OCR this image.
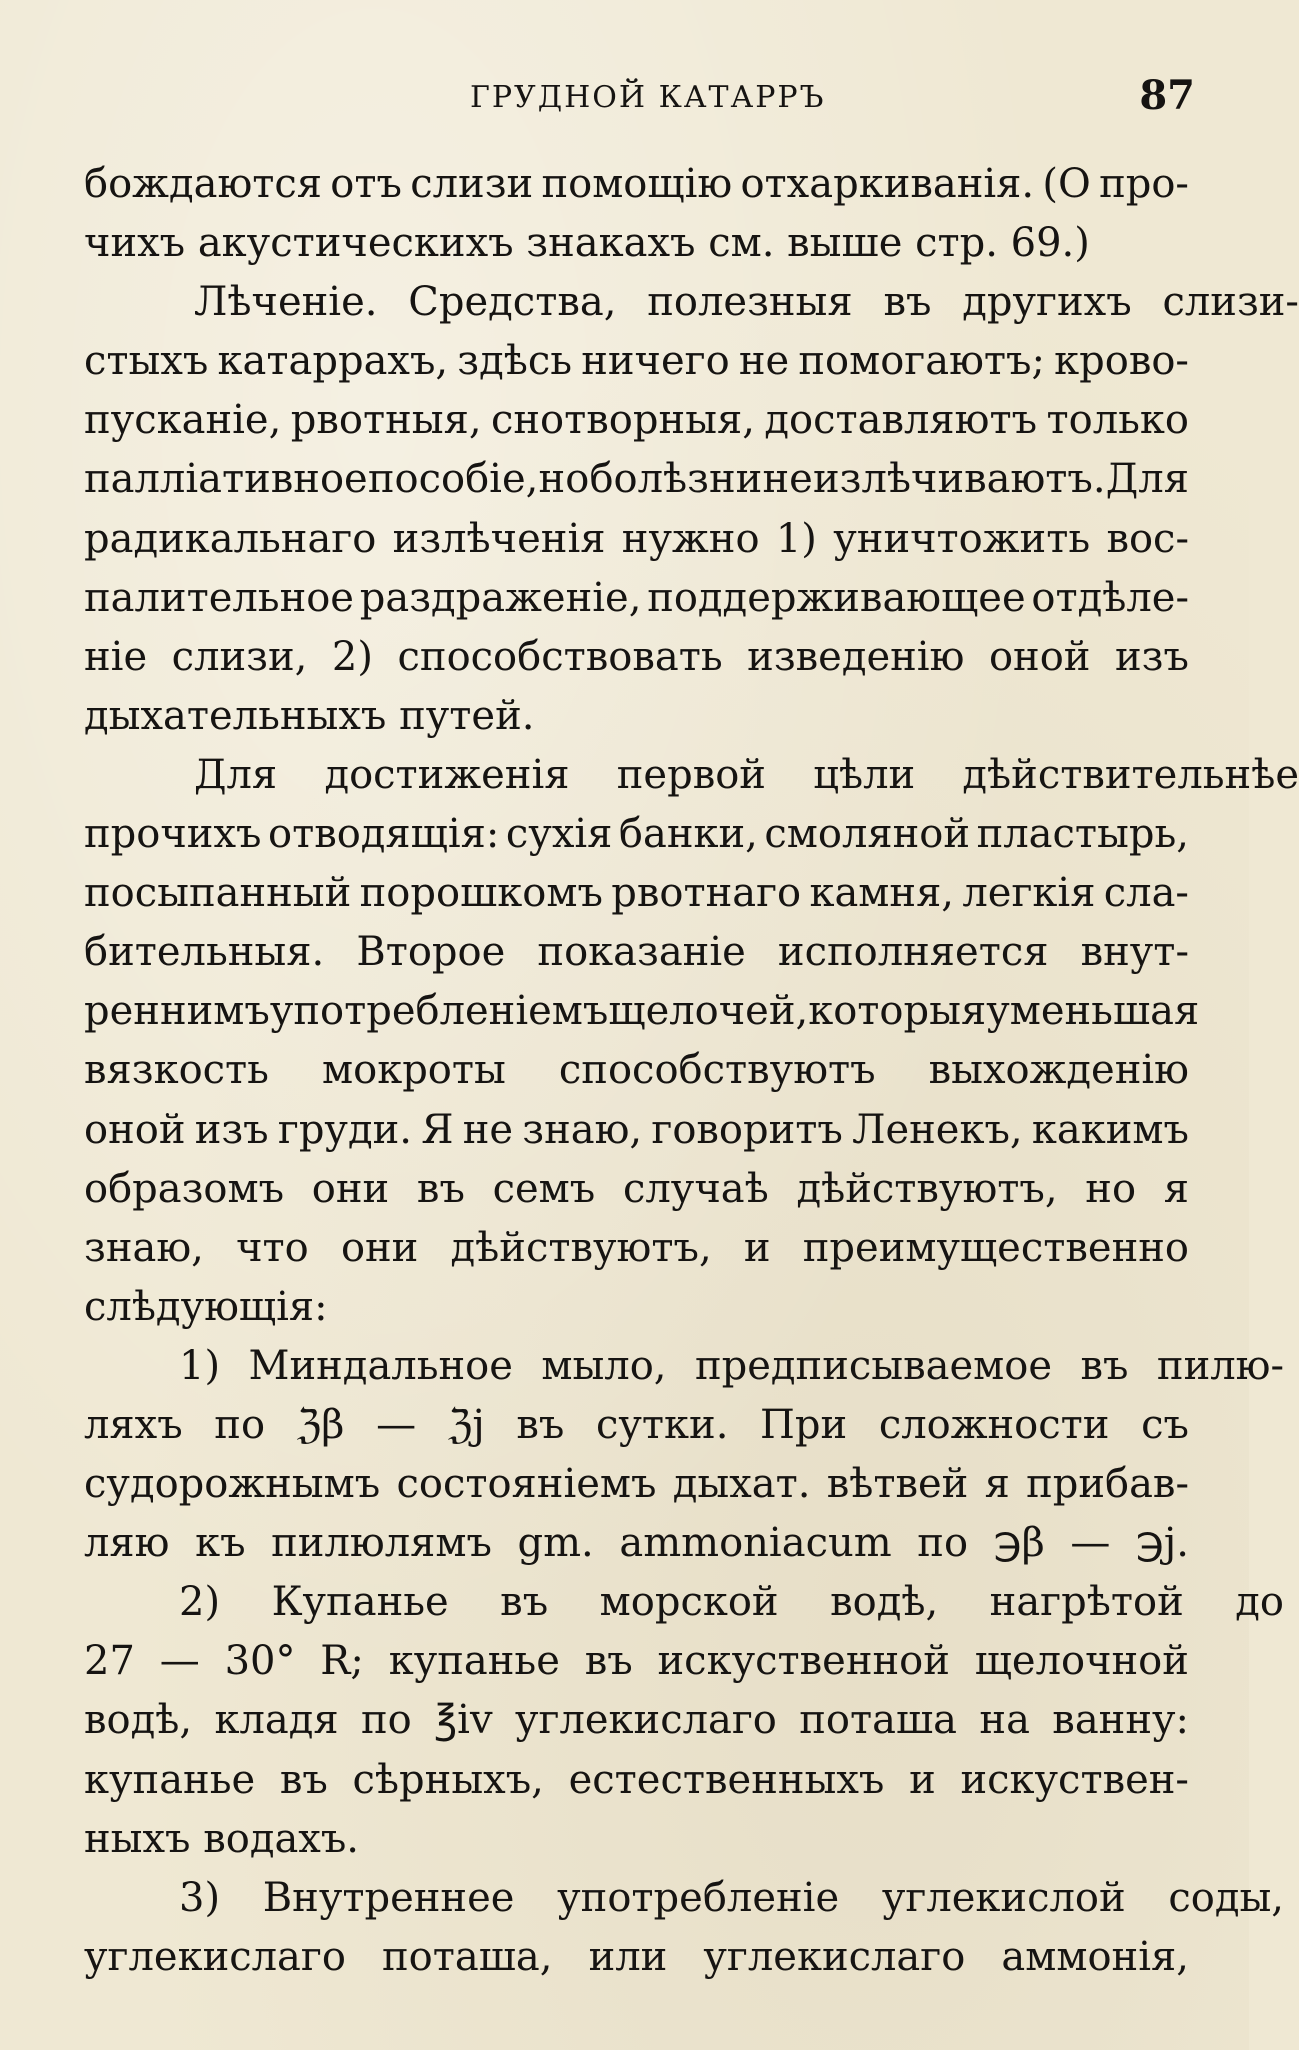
ГРУДНОЙ КАТАРРЪ	87
бождаются отъ слизи помощію отхаркиванія. (О про-
чихъ акустическихъ знакахъ см. выше стр. 69.)
Лѣченіе. Средства, полезныя въ другихъ слизи-
стыхъ катаррахъ, здѣсь ничего не помогаютъ; крово-
пусканіе, рвотныя, снотворныя, доставляютъ только
палліативное пособіе, но болѣзни не излѣчиваютъ. Для
радикальнаго излѣченія нужно 1) уничтожить вос-
палительное раздраженіе, поддерживающее отдѣле-
ніе слизи, 2) способствовать изведенію оной изъ
дыхательныхъ путей.
Для достиженія первой цѣли дѣйствительнѣе
прочихъ отводящія: сухія банки, смоляной пластырь,
посыпанный порошкомъ рвотнаго камня, легкія сла-
бительныя. Второе показаніе исполняется внут-
реннимъ употребленіемъ щелочей, которыя уменьшая
вязкость мокроты способствуютъ выхожденію
оной изъ груди. Я не знаю, говоритъ Ленекъ, какимъ
образомъ они въ семъ случаѣ дѣйствуютъ, но я
знаю, что они дѣйствуютъ, и преимущественно
слѣдующія:
1) Миндальное мыло, предписываемое въ пилю-
ляхъ по ℨβ — ℨj въ сутки. При сложности съ
судорожнымъ состояніемъ дыхат. вѣтвей я прибав-
ляю къ пилюлямъ gm. ammoniacum по ℈β — ℈j.
2) Купанье въ морской водѣ, нагрѣтой до
27 — 30° R; купанье въ искуственной щелочной
водѣ, кладя по ℥iv углекислаго поташа на ванну:
купанье въ сѣрныхъ, естественныхъ и искуствен-
ныхъ водахъ.
3) Внутреннее употребленіе углекислой соды,
углекислаго поташа, или углекислаго аммонія,
